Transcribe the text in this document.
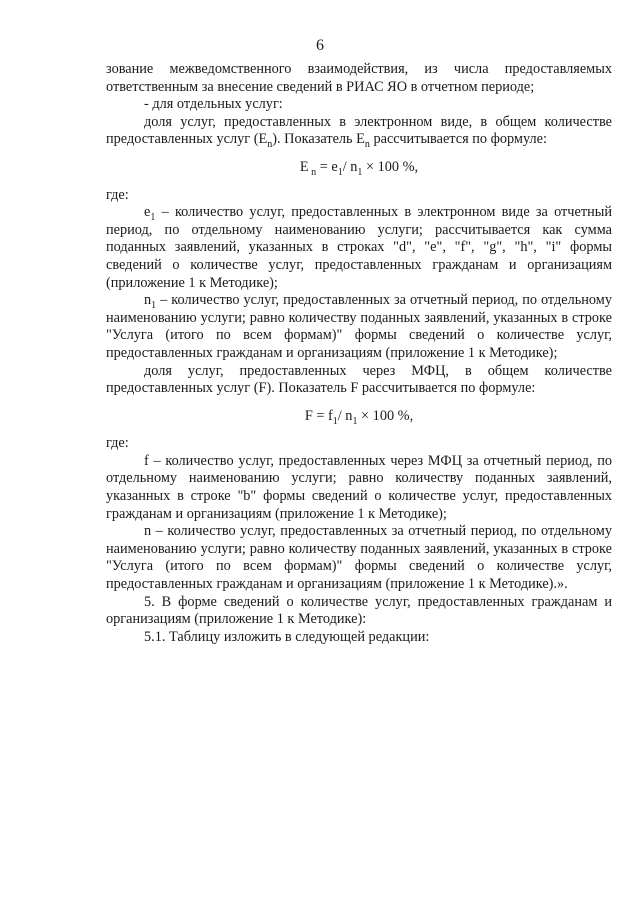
6

зование межведомственного взаимодействия, из числа предоставляемых ответственным за внесение сведений в РИАС ЯО в отчетном периоде;

- для отдельных услуг:

доля услуг, предоставленных в электронном виде, в общем количестве предоставленных услуг $(E_n)$. Показатель $E_n$ рассчитывается по формуле:

E $_n = e_1/$ $n_1 \times 100$ %,

где:

$e_1$ – количество услуг, предоставленных в электронном виде за отчетный период, по отдельному наименованию услуги; рассчитывается как сумма поданных заявлений, указанных в строках "d", "e", "f", "g", "h", "i" формы сведений о количестве услуг, предоставленных гражданам и организациям (приложение 1 к Методике);

$n_1$ – количество услуг, предоставленных за отчетный период, по отдельному наименованию услуги; равно количеству поданных заявлений, указанных в строке "Услуга (итого по всем формам)" формы сведений о количестве услуг, предоставленных гражданам и организациям (приложение 1 к Методике);

доля услуг, предоставленных через МФЦ, в общем количестве предоставленных услуг (F). Показатель F рассчитывается по формуле:

$F = f_1/$ $n_1 \times 100$ %,

где:

f – количество услуг, предоставленных через МФЦ за отчетный период, по отдельному наименованию услуги; равно количеству поданных заявлений, указанных в строке "b" формы сведений о количестве услуг, предоставленных гражданам и организациям (приложение 1 к Методике);

n – количество услуг, предоставленных за отчетный период, по отдельному наименованию услуги; равно количеству поданных заявлений, указанных в строке "Услуга (итого по всем формам)" формы сведений о количестве услуг, предоставленных гражданам и организациям (приложение 1 к Методике).».

5. В форме сведений о количестве услуг, предоставленных гражданам и организациям (приложение 1 к Методике):

5.1. Таблицу изложить в следующей редакции:
